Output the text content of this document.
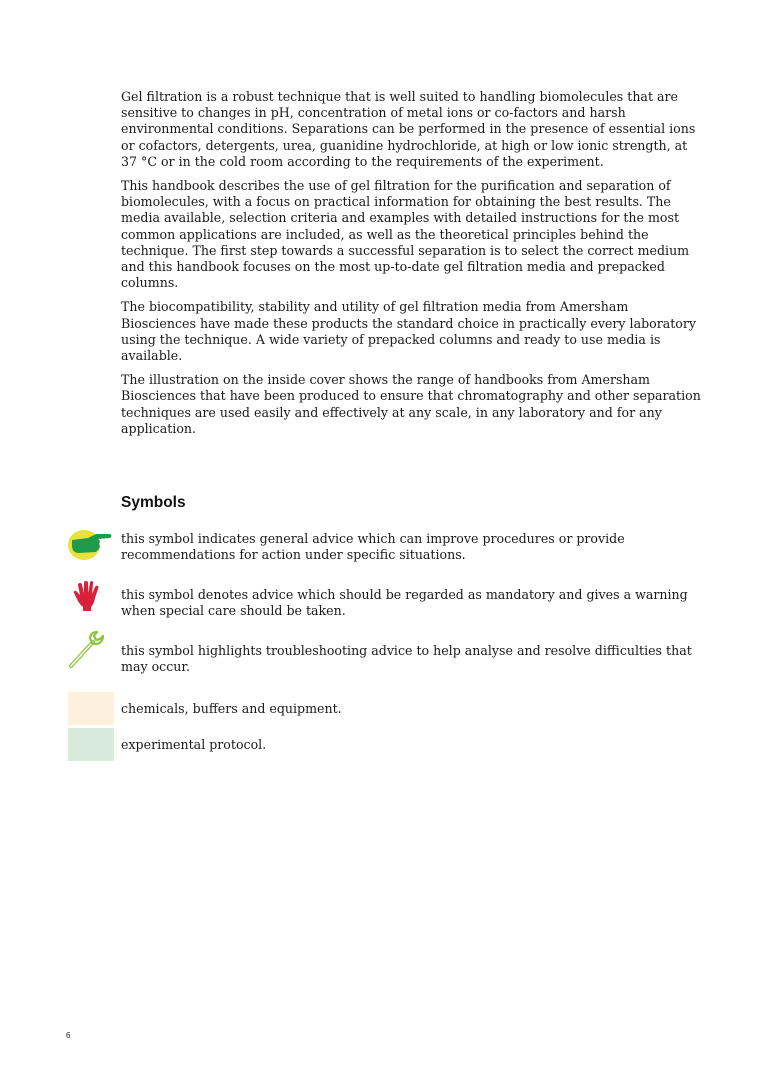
Gel filtration is a robust technique that is well suited to handling biomolecules that are sensitive to changes in pH, concentration of metal ions or co-factors and harsh environmental conditions. Separations can be performed in the presence of essential ions or cofactors, detergents, urea, guanidine hydrochloride, at high or low ionic strength, at 37 °C or in the cold room according to the requirements of the experiment.

This handbook describes the use of gel filtration for the purification and separation of biomolecules, with a focus on practical information for obtaining the best results. The media available, selection criteria and examples with detailed instructions for the most common applications are included, as well as the theoretical principles behind the technique. The first step towards a successful separation is to select the correct medium and this handbook focuses on the most up-to-date gel filtration media and prepacked columns.

The biocompatibility, stability and utility of gel filtration media from Amersham Biosciences have made these products the standard choice in practically every laboratory using the technique. A wide variety of prepacked columns and ready to use media is available.

The illustration on the inside cover shows the range of handbooks from Amersham Biosciences that have been produced to ensure that chromatography and other separation techniques are used easily and effectively at any scale, in any laboratory and for any application.

Symbols

this symbol indicates general advice which can improve procedures or provide recommendations for action under specific situations.

this symbol denotes advice which should be regarded as mandatory and gives a warning when special care should be taken.

this symbol highlights troubleshooting advice to help analyse and resolve difficulties that may occur.

chemicals, buffers and equipment.

experimental protocol.

6
